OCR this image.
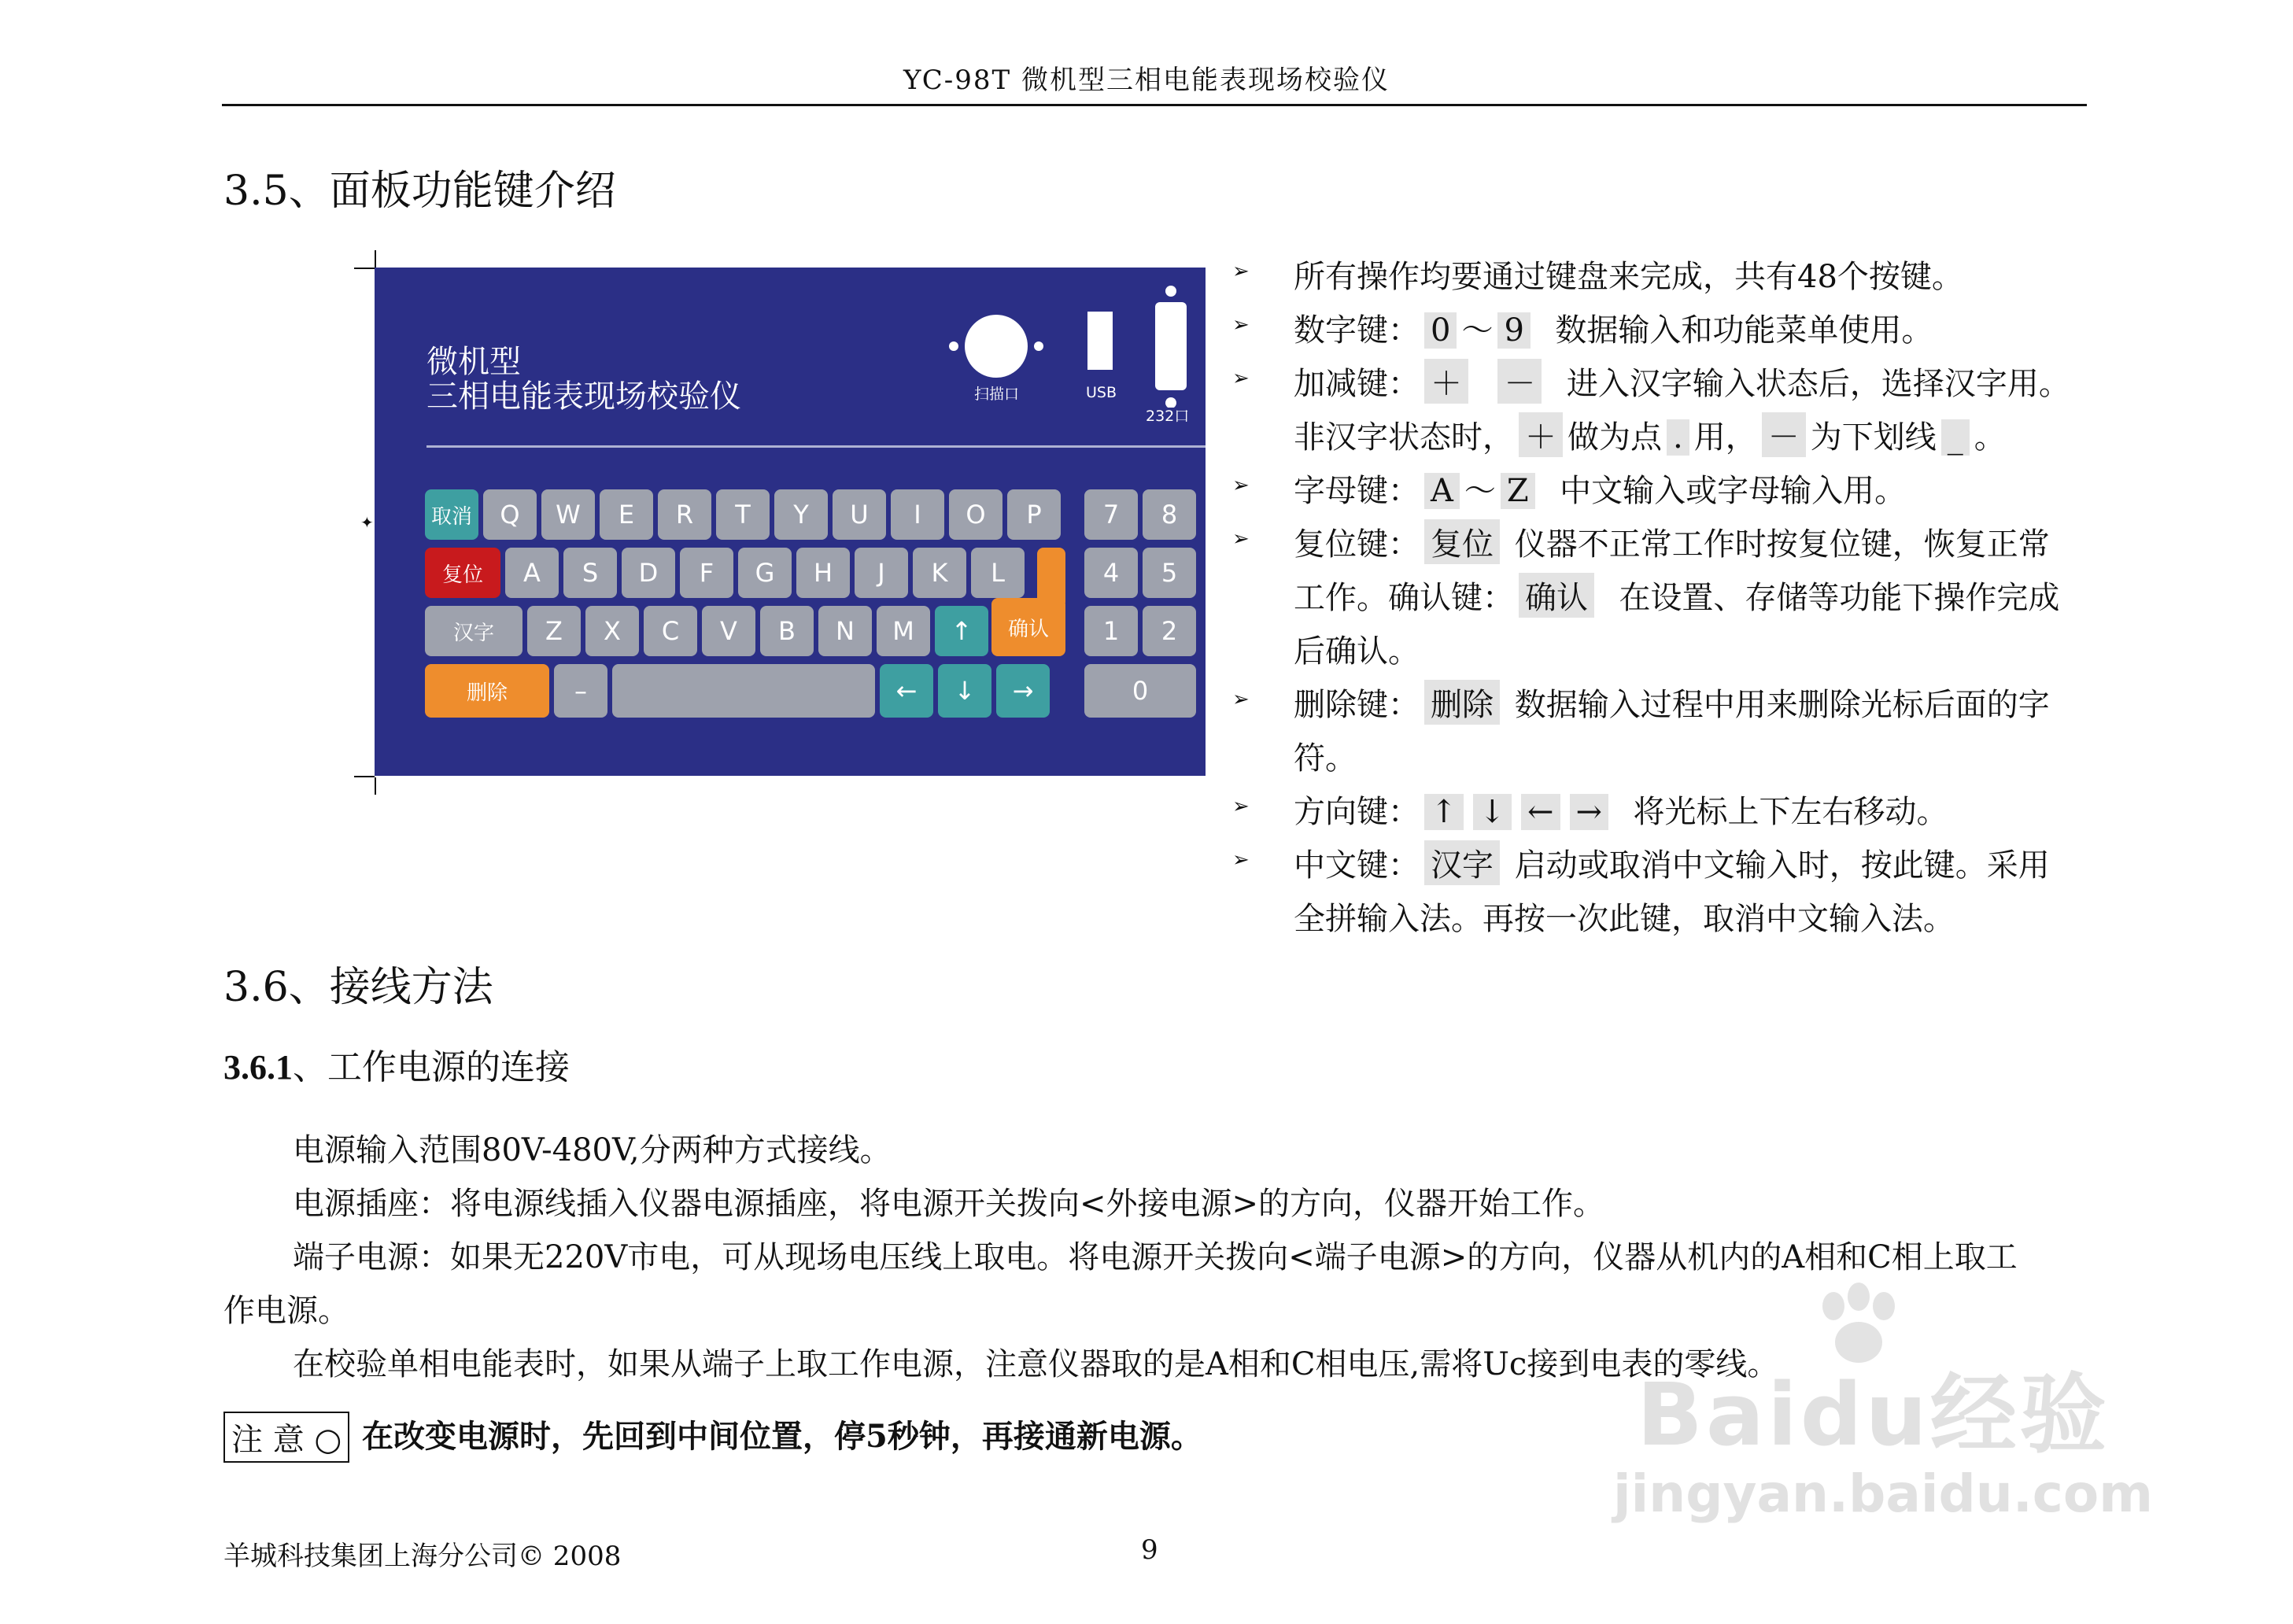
YC-98T 微机型三相电能表现场校验仪
3.5、面板功能键介绍
✦
微机型
三相电能表现场校验仪	扫描口	USB
232口
取消	Q	W	E	R	T	Y	U	I	O	P
复位	A	S	D	F	G	H	J	K	L
确认
汉字	Z	X	C	V	B	N	M	↑
删除	–	←	↓	→
7	8
4	5
1	2
0
➢ 所有操作均要通过键盘来完成，共有48个按键。
➢ 数字键： 0 ～ 9 数据输入和功能菜单使用。
➢ 加减键： ＋ － 进入汉字输入状态后，选择汉字用。
非汉字状态时， ＋ 做为点 . 用， － 为下划线 _ 。
➢ 字母键： A ～ Z 中文输入或字母输入用。
➢ 复位键： 复位 仪器不正常工作时按复位键，恢复正常
工作。确认键： 确认 在设置、存储等功能下操作完成
后确认。
➢ 删除键： 删除 数据输入过程中用来删除光标后面的字
符。
➢ 方向键： ↑ ↓ ← → 将光标上下左右移动。
➢ 中文键： 汉字 启动或取消中文输入时，按此键。采用
全拼输入法。再按一次此键，取消中文输入法。
3.6、接线方法
3.6.1、工作电源的连接
电源输入范围80V-480V,分两种方式接线。
电源插座：将电源线插入仪器电源插座，将电源开关拨向<外接电源>的方向，仪器开始工作。
端子电源：如果无220V市电，可从现场电压线上取电。将电源开关拨向<端子电源>的方向，仪器从机内的A相和C相上取工
作电源。
在校验单相电能表时，如果从端子上取工作电源，注意仪器取的是A相和C相电压,需将Uc接到电表的零线。
注 意 ○ 在改变电源时，先回到中间位置，停5秒钟，再接通新电源。	Baidu经验
jingyan.baidu.com
羊城科技集团上海分公司© 2008	9
